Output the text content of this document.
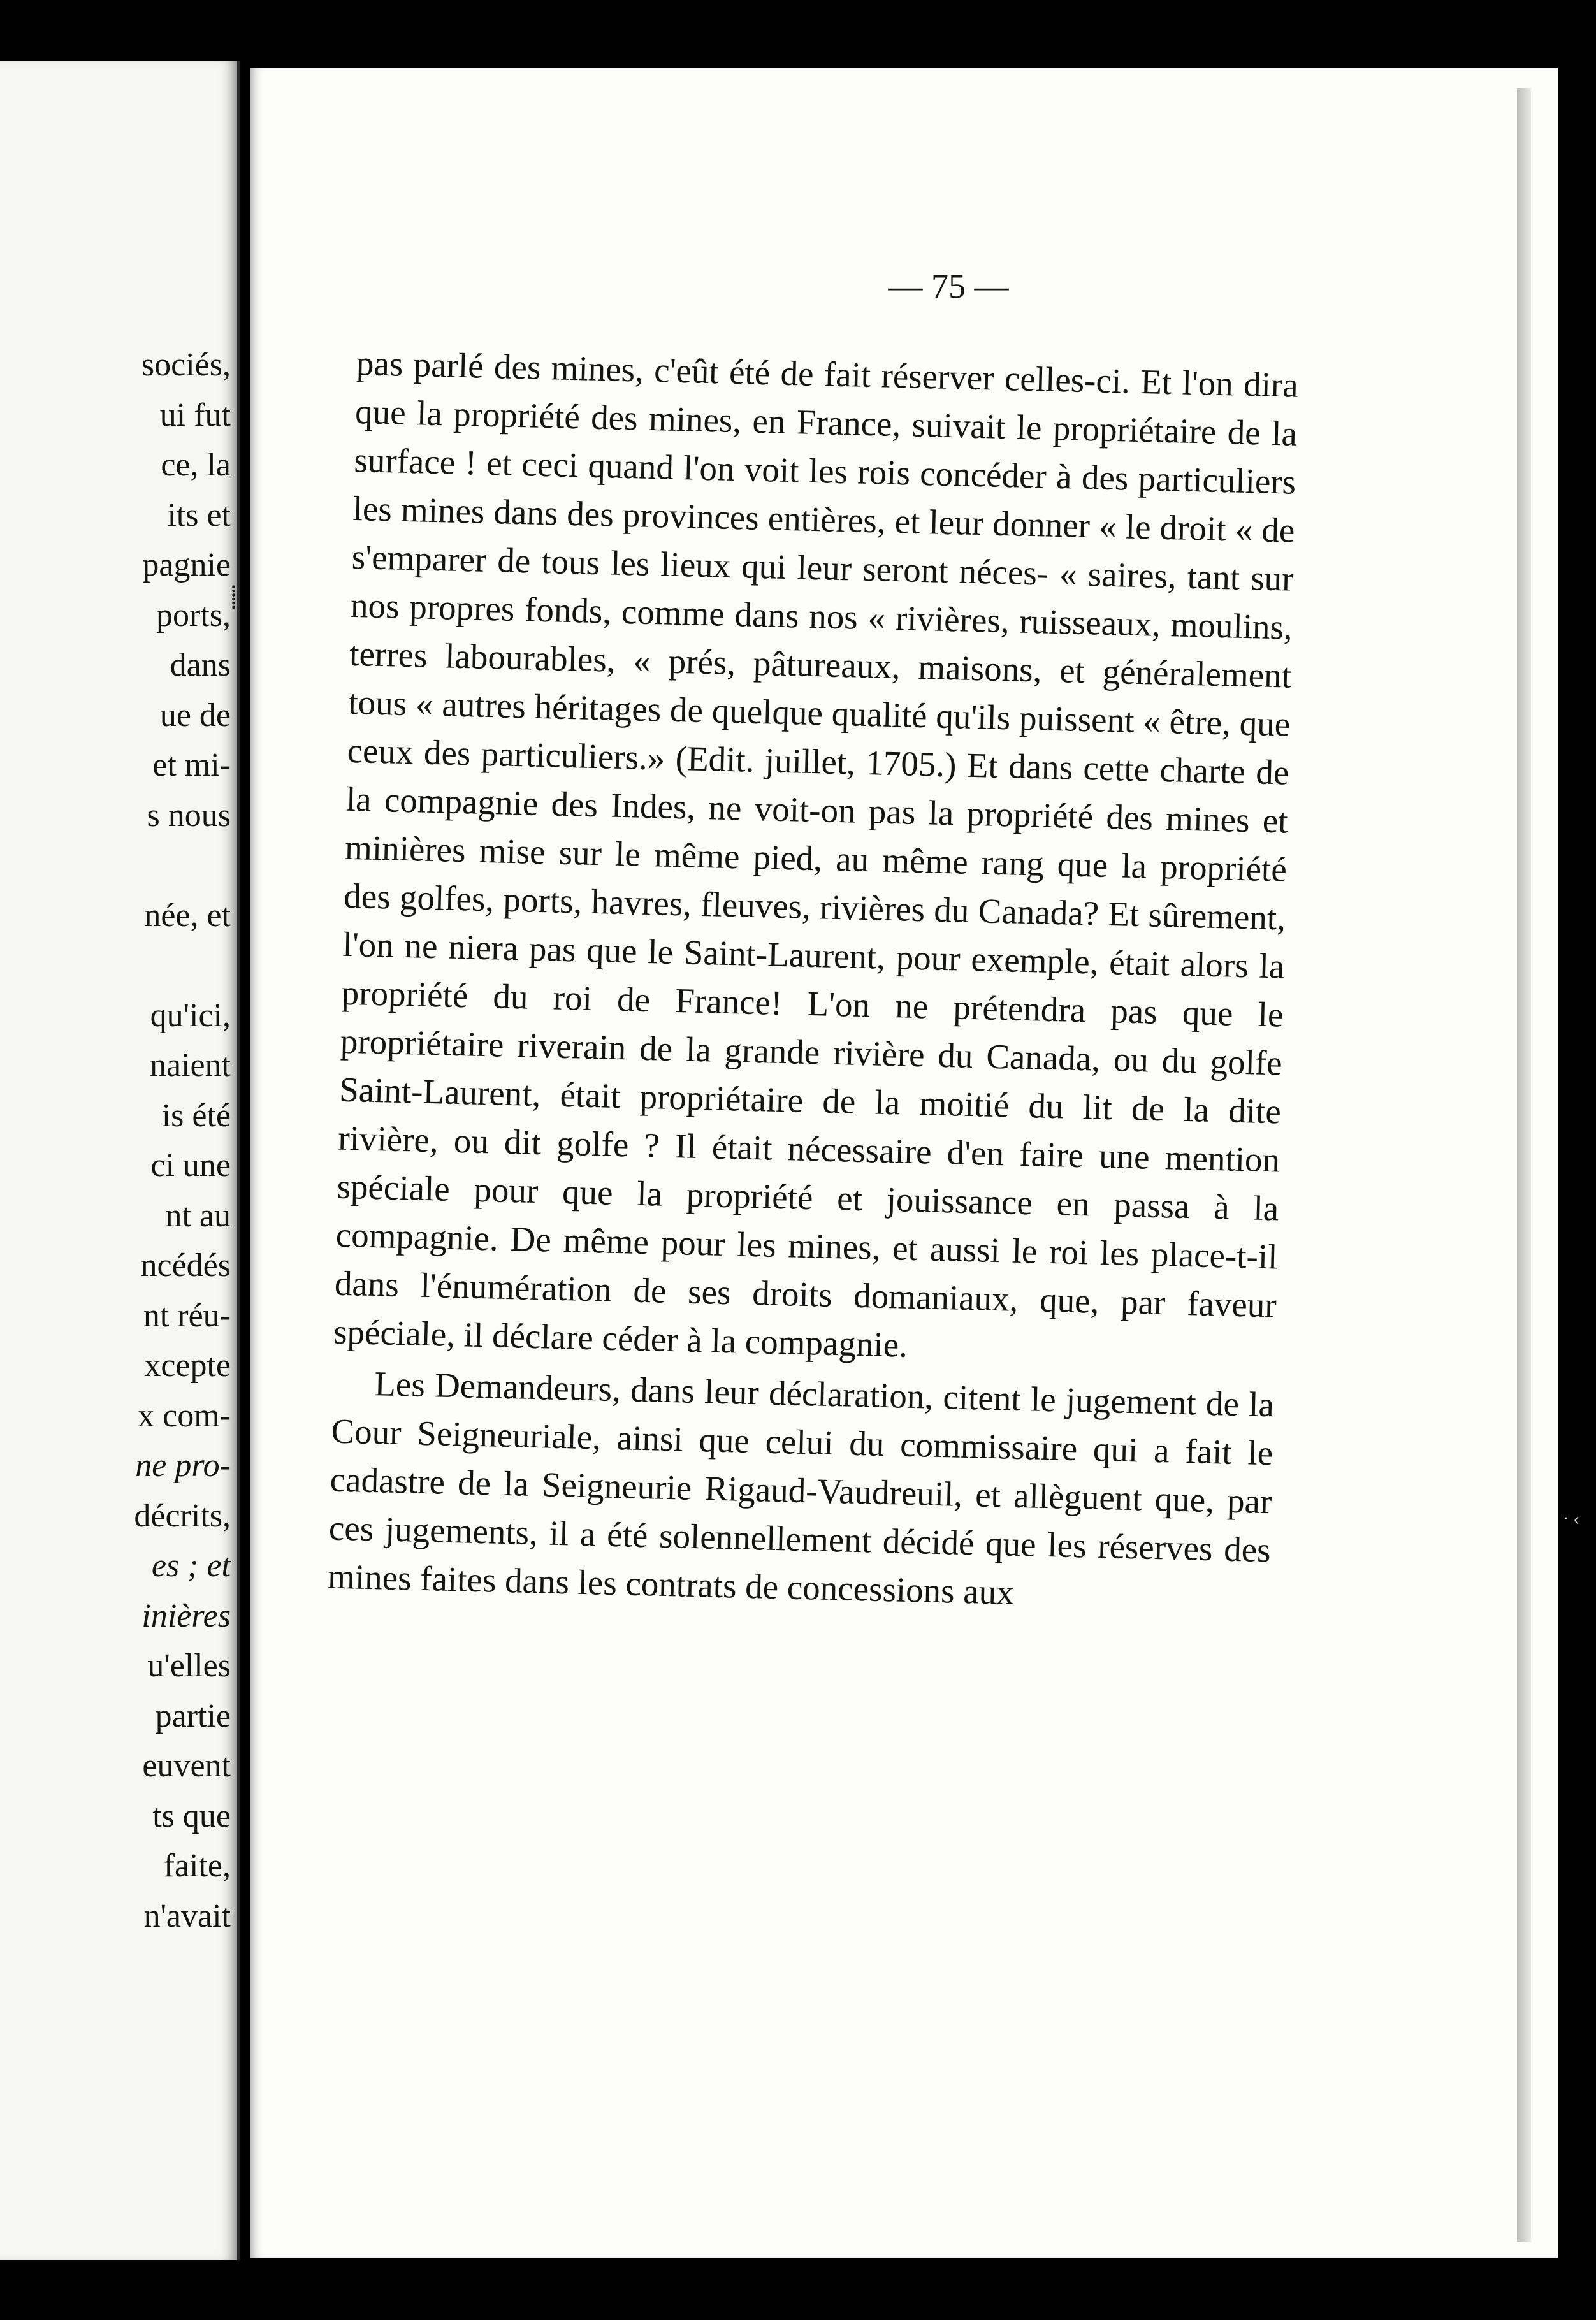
sociés,
ui fut
ce, la
its et
pagnie
ports,
dans
ue de
et mi-
s nous

née, et

qu'ici,
naient
is été
ci une
nt au
ncédés
nt réu-
xcepte
x com-
ne pro-
décrits,
es ; et
inières
u'elles
partie
euvent
ts que
faite,
n'avait
⸽
— 75 —

pas parlé des mines, c'eût été de fait réserver celles-ci. Et l'on dira que la propriété des mines, en France, suivait le propriétaire de la surface ! et ceci quand l'on voit les rois concéder à des particuliers les mines dans des provinces entières, et leur donner « le droit « de s'emparer de tous les lieux qui leur seront néces- « saires, tant sur nos propres fonds, comme dans nos « rivières, ruisseaux, moulins, terres labourables, « prés, pâtureaux, maisons, et généralement tous « autres héritages de quelque qualité qu'ils puissent « être, que ceux des particuliers.» (Edit. juillet, 1705.) Et dans cette charte de la compagnie des Indes, ne voit-on pas la propriété des mines et minières mise sur le même pied, au même rang que la propriété des golfes, ports, havres, fleuves, rivières du Canada? Et sûrement, l'on ne niera pas que le Saint-Laurent, pour exemple, était alors la propriété du roi de France! L'on ne prétendra pas que le propriétaire riverain de la grande rivière du Canada, ou du golfe Saint-Laurent, était propriétaire de la moitié du lit de la dite rivière, ou dit golfe ? Il était nécessaire d'en faire une mention spéciale pour que la propriété et jouissance en passa à la compagnie. De même pour les mines, et aussi le roi les place-t-il dans l'énumération de ses droits domaniaux, que, par faveur spéciale, il déclare céder à la compagnie.

Les Demandeurs, dans leur déclaration, citent le jugement de la Cour Seigneuriale, ainsi que celui du commissaire qui a fait le cadastre de la Seigneurie Rigaud-Vaudreuil, et allèguent que, par ces jugements, il a été solennellement décidé que les réserves des mines faites dans les contrats de concessions aux

· ‹
